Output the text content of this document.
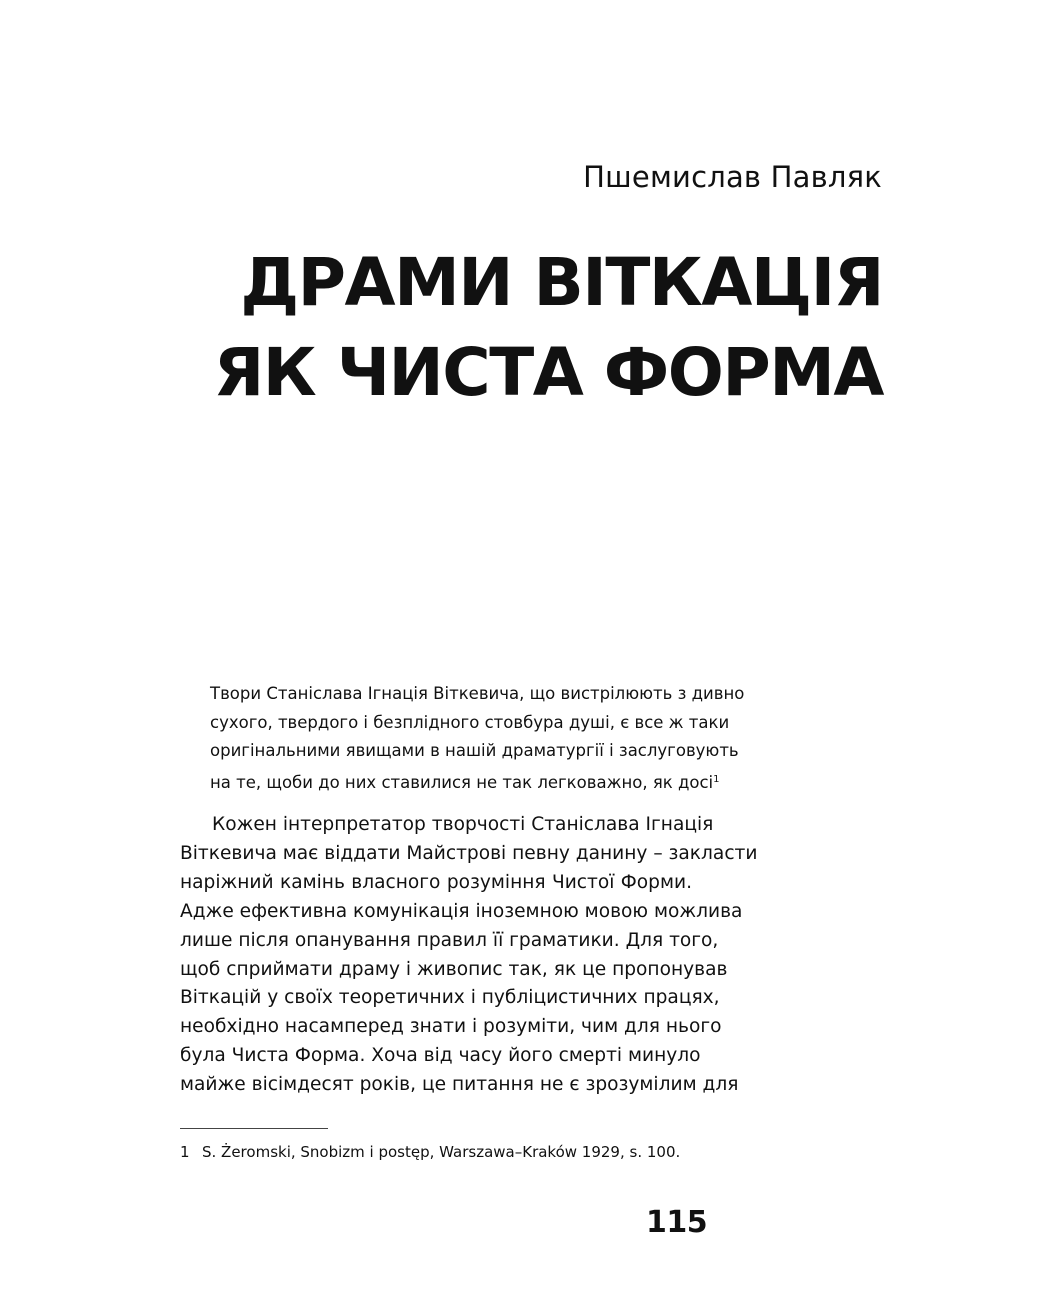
Пшемислав Павляк
ДРАМИ ВІТКАЦІЯ
ЯК ЧИСТА ФОРМА
Твори Станіслава Ігнація Віткевича, що вистрілюють з дивно
сухого, твердого і безплідного стовбура душі, є все ж таки
оригінальними явищами в нашій драматургії і заслуговують
на те, щоби до них ставилися не так легковажно, як досі$^1$
Кожен інтерпретатор творчості Станіслава Ігнація
Віткевича має віддати Майстрові певну данину – закласти
наріжний камінь власного розуміння Чистої Форми.
Адже ефективна комунікація іноземною мовою можлива
лише після опанування правил її граматики. Для того,
щоб сприймати драму і живопис так, як це пропонував
Віткацій у своїх теоретичних і публіцистичних працях,
необхідно насамперед знати і розуміти, чим для нього
була Чиста Форма. Хоча від часу його смерті минуло
майже вісімдесят років, це питання не є зрозумілим для
1 S. Żeromski, Snobizm i postęp, Warszawa–Kraków 1929, s. 100.
115
